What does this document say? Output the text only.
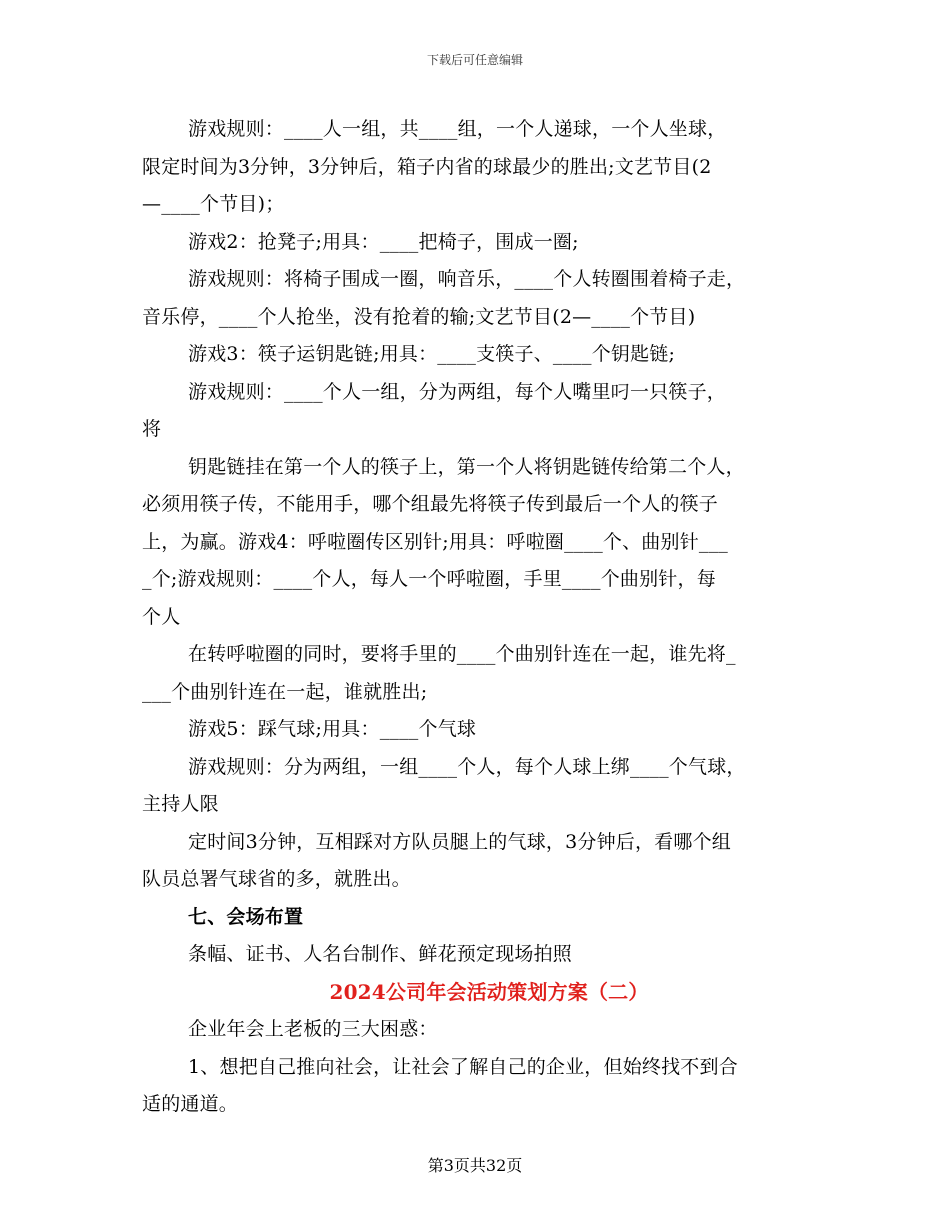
下载后可任意编辑
游戏规则：____人一组，共____组，一个人递球，一个人坐球，
限定时间为3分钟，3分钟后，箱子内省的球最少的胜出;文艺节目(2
—____个节目)；
游戏2：抢凳子;用具：____把椅子，围成一圈;
游戏规则：将椅子围成一圈，响音乐，____个人转圈围着椅子走，
音乐停，____个人抢坐，没有抢着的输;文艺节目(2—____个节目)
游戏3：筷子运钥匙链;用具：____支筷子、____个钥匙链;
游戏规则：____个人一组，分为两组，每个人嘴里叼一只筷子，
将
钥匙链挂在第一个人的筷子上，第一个人将钥匙链传给第二个人，
必须用筷子传，不能用手，哪个组最先将筷子传到最后一个人的筷子
上，为赢。游戏4：呼啦圈传区别针;用具：呼啦圈____个、曲别针___
_个;游戏规则：____个人，每人一个呼啦圈，手里____个曲别针，每
个人
在转呼啦圈的同时，要将手里的____个曲别针连在一起，谁先将_
___个曲别针连在一起，谁就胜出;
游戏5：踩气球;用具：____个气球
游戏规则：分为两组，一组____个人，每个人球上绑____个气球，
主持人限
定时间3分钟，互相踩对方队员腿上的气球，3分钟后，看哪个组
队员总署气球省的多，就胜出。
七、会场布置
条幅、证书、人名台制作、鲜花预定现场拍照
2024公司年会活动策划方案（二）
企业年会上老板的三大困惑：
1、想把自己推向社会，让社会了解自己的企业，但始终找不到合
适的通道。
第3页共32页
